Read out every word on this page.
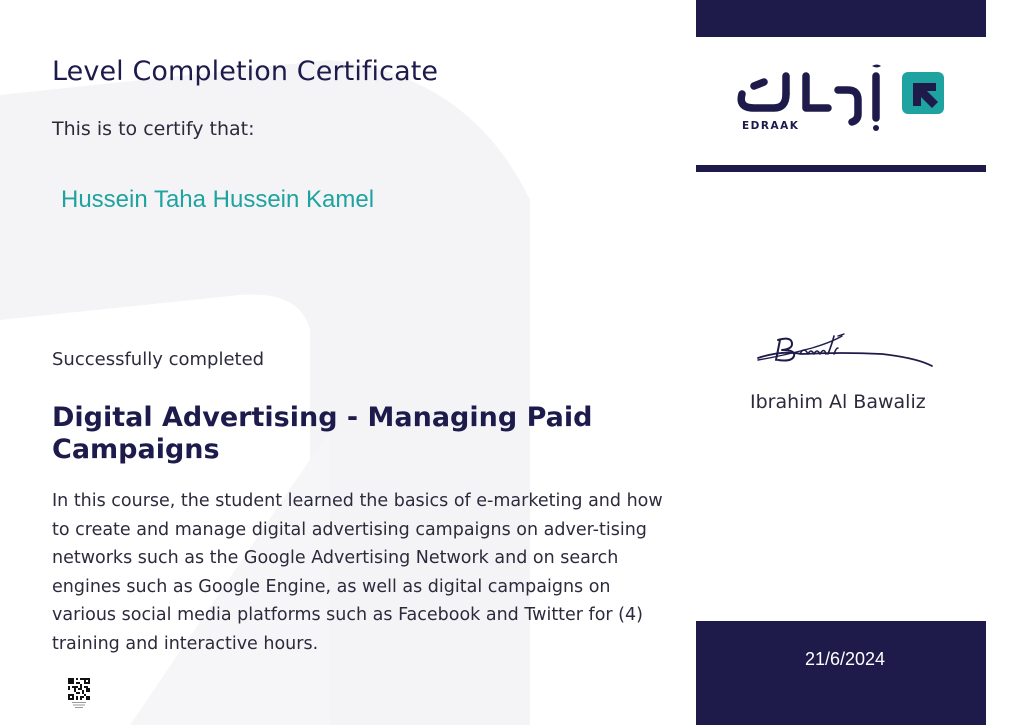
Level Completion Certificate
This is to certify that:
Hussein Taha Hussein Kamel
Successfully completed
Digital Advertising - Managing Paid Campaigns

In this course, the student learned the basics of e-marketing and how to create and manage digital advertising campaigns on adver-tising networks such as the Google Advertising Network and on search engines such as Google Engine, as well as digital campaigns on various social media platforms such as Facebook and Twitter for (4) training and interactive hours.

EDRAAK
Ibrahim Al Bawaliz
21/6/2024
